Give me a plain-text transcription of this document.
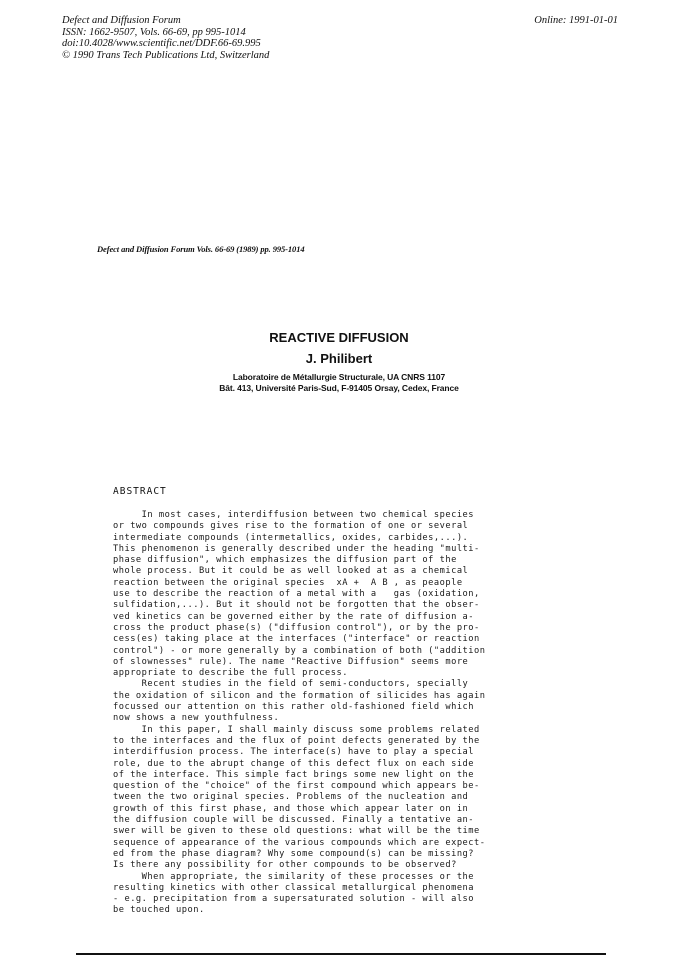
Defect and Diffusion Forum
ISSN: 1662-9507, Vols. 66-69, pp 995-1014
doi:10.4028/www.scientific.net/DDF.66-69.995
© 1990 Trans Tech Publications Ltd, Switzerland
Online: 1991-01-01
Defect and Diffusion Forum Vols. 66-69 (1989) pp. 995-1014
REACTIVE DIFFUSION
J. Philibert
Laboratoire de Métallurgie Structurale, UA CNRS 1107
Bât. 413, Université Paris-Sud, F-91405 Orsay, Cedex, France
ABSTRACT
In most cases, interdiffusion between two chemical species
or two compounds gives rise to the formation of one or several
intermediate compounds (intermetallics, oxides, carbides,...).
This phenomenon is generally described under the heading "multi-
phase diffusion", which emphasizes the diffusion part of the
whole process. But it could be as well looked at as a chemical
reaction between the original species  xA +  A B , as peaople
use to describe the reaction of a metal with a   gas (oxidation,
sulfidation,...). But it should not be forgotten that the obser-
ved kinetics can be governed either by the rate of diffusion a-
cross the product phase(s) ("diffusion control"), or by the pro-
cess(es) taking place at the interfaces ("interface" or reaction
control") - or more generally by a combination of both ("addition
of slownesses" rule). The name "Reactive Diffusion" seems more
appropriate to describe the full process.
Recent studies in the field of semi-conductors, specially
the oxidation of silicon and the formation of silicides has again
focussed our attention on this rather old-fashioned field which
now shows a new youthfulness.
In this paper, I shall mainly discuss some problems related
to the interfaces and the flux of point defects generated by the
interdiffusion process. The interface(s) have to play a special
role, due to the abrupt change of this defect flux on each side
of the interface. This simple fact brings some new light on the
question of the "choice" of the first compound which appears be-
tween the two original species. Problems of the nucleation and
growth of this first phase, and those which appear later on in
the diffusion couple will be discussed. Finally a tentative an-
swer will be given to these old questions: what will be the time
sequence of appearance of the various compounds which are expect-
ed from the phase diagram? Why some compound(s) can be missing?
Is there any possibility for other compounds to be observed?
When appropriate, the similarity of these processes or the
resulting kinetics with other classical metallurgical phenomena
- e.g. precipitation from a supersaturated solution - will also
be touched upon.
